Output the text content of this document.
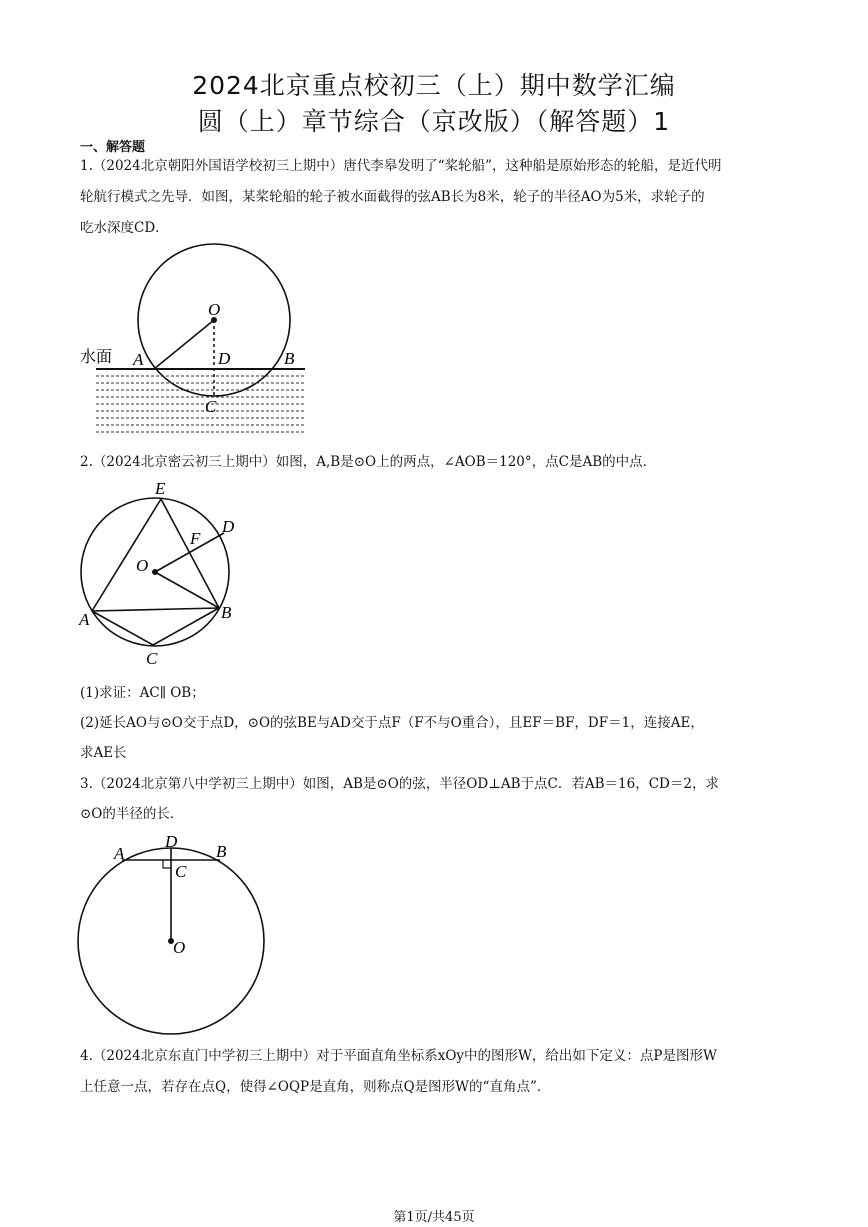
2024北京重点校初三（上）期中数学汇编
圆（上）章节综合（京改版）（解答题）1
一、解答题
1.（2024北京朝阳外国语学校初三上期中）唐代李皋发明了“桨轮船”，这种船是原始形态的轮船，是近代明
轮航行模式之先导．如图，某桨轮船的轮子被水面截得的弦AB长为8米，轮子的半径AO为5米，求轮子的
吃水深度CD．
水面
O
A	D	B
C
2.（2024北京密云初三上期中）如图，A,B是⊙O上的两点，∠AOB＝120°，点C是AB的中点．
E
D
F
O
A	B
C
(1)求证：AC∥ OB；
(2)延长AO与⊙O交于点D，⊙O的弦BE与AD交于点F（F不与O重合），且EF＝BF，DF＝1，连接AE，
求AE长
3.（2024北京第八中学初三上期中）如图，AB是⊙O的弦，半径OD⊥AB于点C．若AB＝16，CD＝2，求
⊙O的半径的长．
D
A	B
C
O
4.（2024北京东直门中学初三上期中）对于平面直角坐标系xOy中的图形W，给出如下定义：点P是图形W
上任意一点，若存在点Q，使得∠OQP是直角，则称点Q是图形W的“直角点”．
第1页/共45页
